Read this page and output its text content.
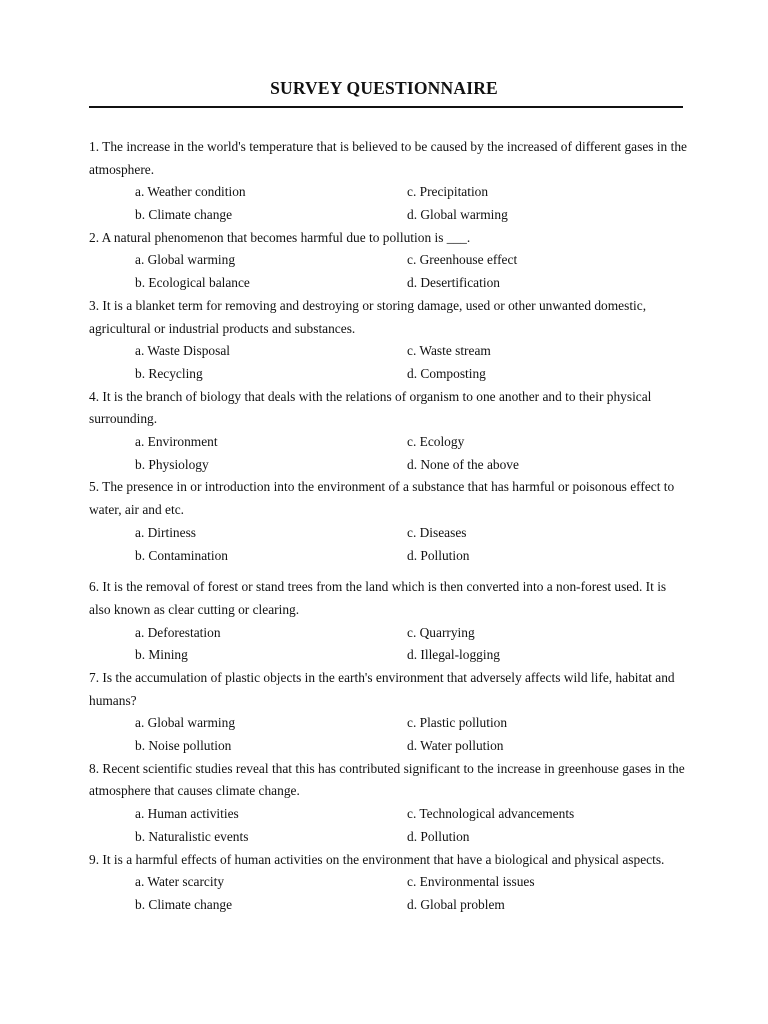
SURVEY QUESTIONNAIRE

1. The increase in the world's temperature that is believed to be caused by the increased of different gases in the atmosphere.

a. Weather condition	c. Precipitation
b. Climate change	d. Global warming

2. A natural phenomenon that becomes harmful due to pollution is ___.

a. Global warming	c. Greenhouse effect
b. Ecological balance	d. Desertification

3. It is a blanket term for removing and destroying or storing damage, used or other unwanted domestic, agricultural or industrial products and substances.

a. Waste Disposal	c. Waste stream
b. Recycling	d. Composting

4. It is the branch of biology that deals with the relations of organism to one another and to their physical surrounding.

a. Environment	c. Ecology
b. Physiology	d. None of the above

5. The presence in or introduction into the environment of a substance that has harmful or poisonous effect to water, air and etc.

a. Dirtiness	c. Diseases
b. Contamination	d. Pollution

6. It is the removal of forest or stand trees from the land which is then converted into a non-forest used. It is also known as clear cutting or clearing.

a. Deforestation	c. Quarrying
b. Mining	d. Illegal-logging

7. Is the accumulation of plastic objects in the earth's environment that adversely affects wild life, habitat and humans?

a. Global warming	c. Plastic pollution
b. Noise pollution	d. Water pollution

8. Recent scientific studies reveal that this has contributed significant to the increase in greenhouse gases in the atmosphere that causes climate change.

a. Human activities	c. Technological advancements
b. Naturalistic events	d. Pollution

9. It is a harmful effects of human activities on the environment that have a biological and physical aspects.

a. Water scarcity	c. Environmental issues
b. Climate change	d. Global problem
